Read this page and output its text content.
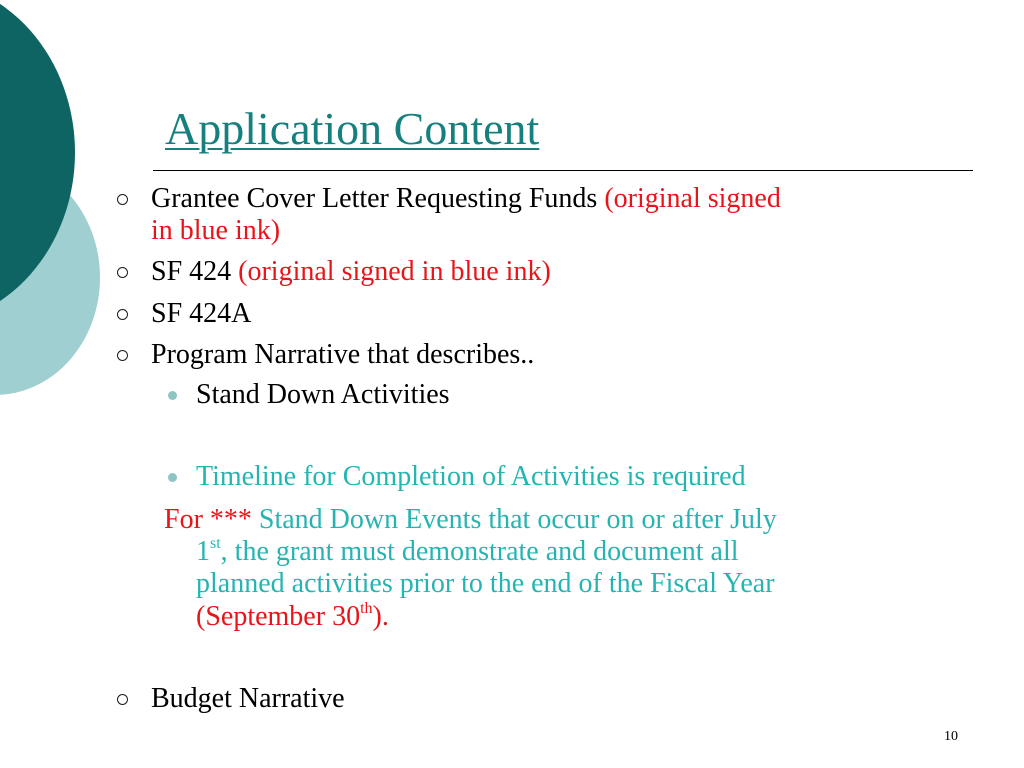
Application Content
Grantee Cover Letter Requesting Funds (original signed
in blue ink)
SF 424 (original signed in blue ink)
SF 424A
Program Narrative that describes..
Stand Down Activities
Timeline for Completion of Activities is required
For *** Stand Down Events that occur on or after July
1st, the grant must demonstrate and document all
planned activities prior to the end of the Fiscal Year
(September 30th).
Budget Narrative
10
